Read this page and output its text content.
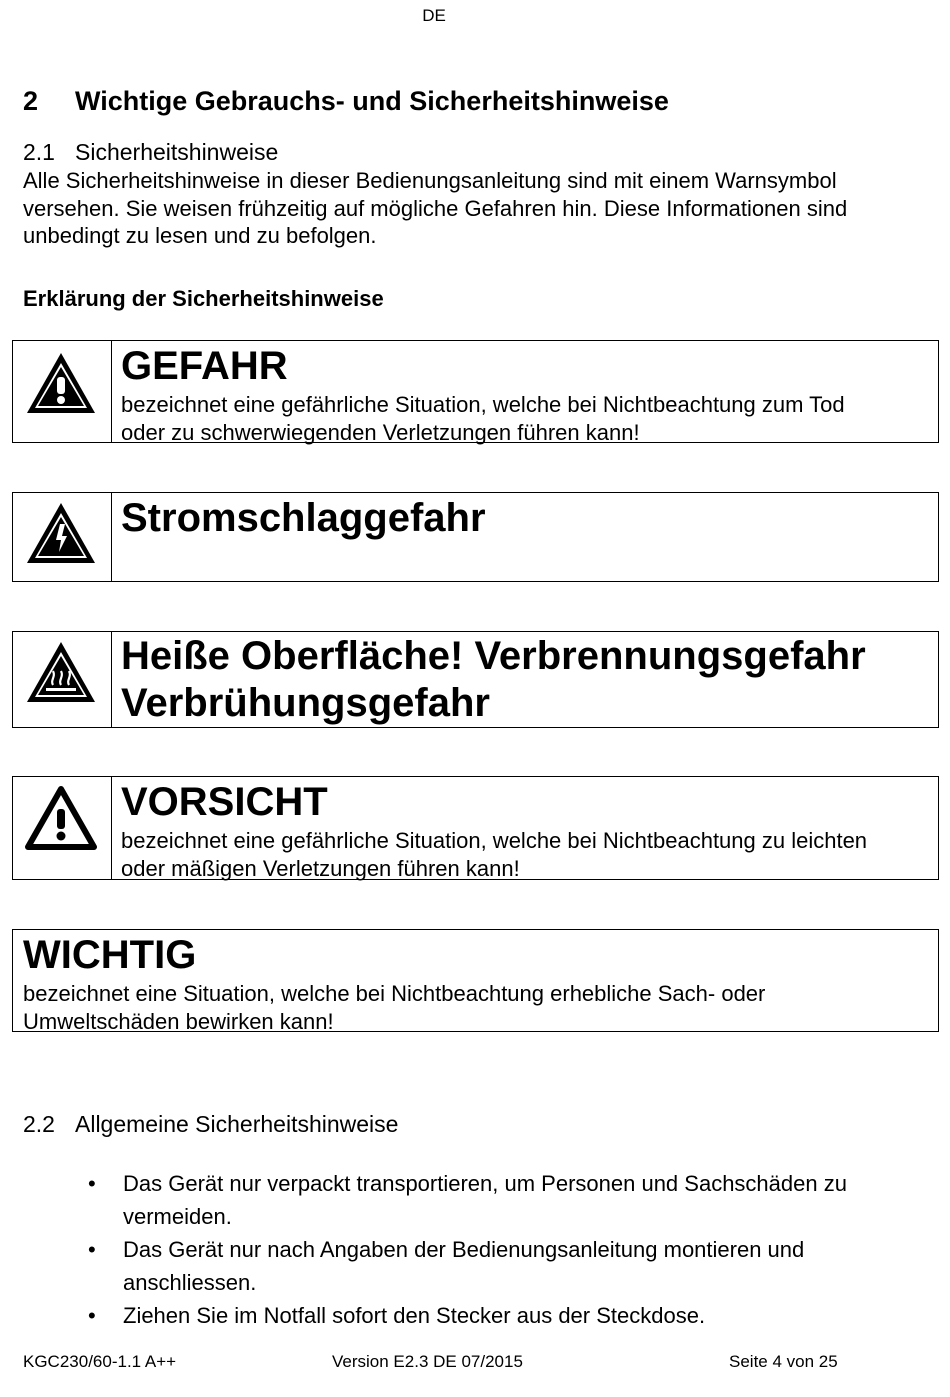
DE
2 Wichtige Gebrauchs- und Sicherheitshinweise
2.1 Sicherheitshinweise
Alle Sicherheitshinweise in dieser Bedienungsanleitung sind mit einem Warnsymbol
versehen. Sie weisen frühzeitig auf mögliche Gefahren hin. Diese Informationen sind
unbedingt zu lesen und zu befolgen.
Erklärung der Sicherheitshinweise
GEFAHR
bezeichnet eine gefährliche Situation, welche bei Nichtbeachtung zum Tod
oder zu schwerwiegenden Verletzungen führen kann!
Stromschlaggefahr
Heiße Oberfläche! Verbrennungsgefahr
Verbrühungsgefahr
VORSICHT
bezeichnet eine gefährliche Situation, welche bei Nichtbeachtung zu leichten
oder mäßigen Verletzungen führen kann!
WICHTIG
bezeichnet eine Situation, welche bei Nichtbeachtung erhebliche Sach- oder
Umweltschäden bewirken kann!
2.2 Allgemeine Sicherheitshinweise
• Das Gerät nur verpackt transportieren, um Personen und Sachschäden zu
vermeiden.
• Das Gerät nur nach Angaben der Bedienungsanleitung montieren und
anschliessen.
• Ziehen Sie im Notfall sofort den Stecker aus der Steckdose.
KGC230/60-1.1 A++	Version E2.3 DE 07/2015	Seite 4 von 25
